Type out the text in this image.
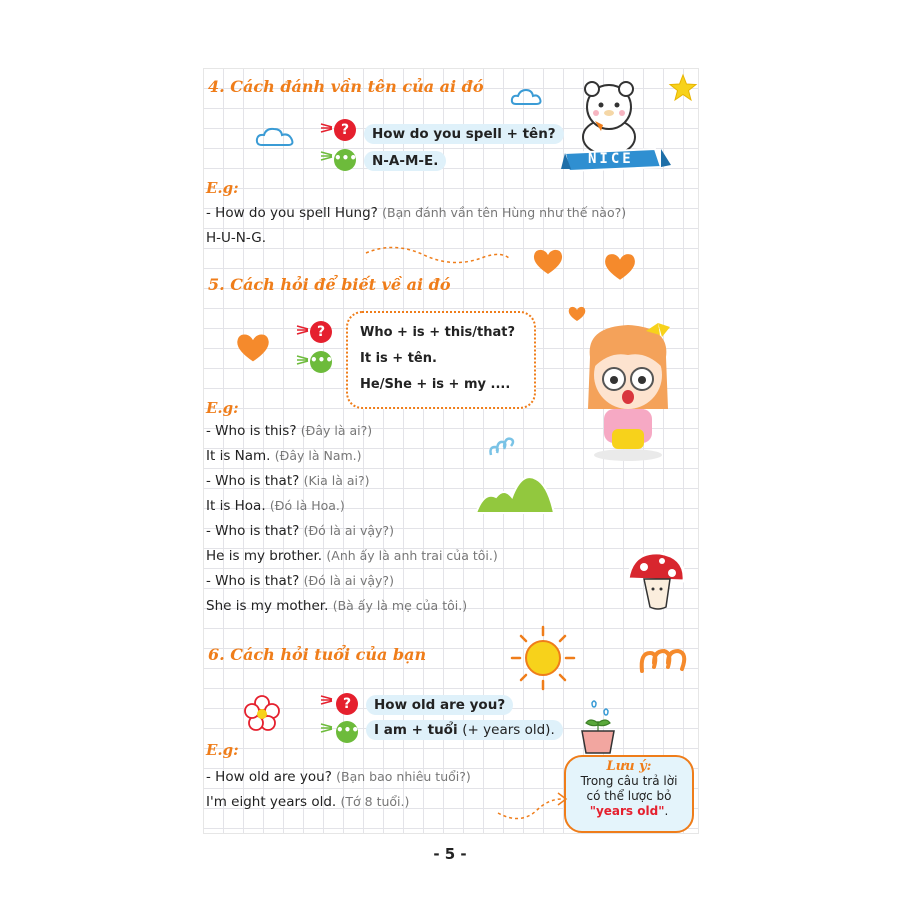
4. Cách đánh vần tên của ai đó
?	How do you spell + tên?
•••	N-A-M-E.	NICE
E.g:
- How do you spell Hung? (Bạn đánh vần tên Hùng như thế nào?)
H-U-N-G.
5. Cách hỏi để biết về ai đó
?
•••
Who + is + this/that?
It is + tên.
He/She + is + my ....
E.g:
- Who is this? (Đây là ai?)
It is Nam. (Đây là Nam.)
- Who is that? (Kia là ai?)
It is Hoa. (Đó là Hoa.)
- Who is that? (Đó là ai vậy?)
He is my brother. (Anh ấy là anh trai của tôi.)
- Who is that? (Đó là ai vậy?)
She is my mother. (Bà ấy là mẹ của tôi.)
6. Cách hỏi tuổi của bạn
?	How old are you?
•••	I am + tuổi (+ years old).
Lưu ý:
Trong câu trả lời
có thể lược bỏ
"years old".
E.g:
- How old are you? (Bạn bao nhiêu tuổi?)
I'm eight years old. (Tớ 8 tuổi.)
- 5 -
